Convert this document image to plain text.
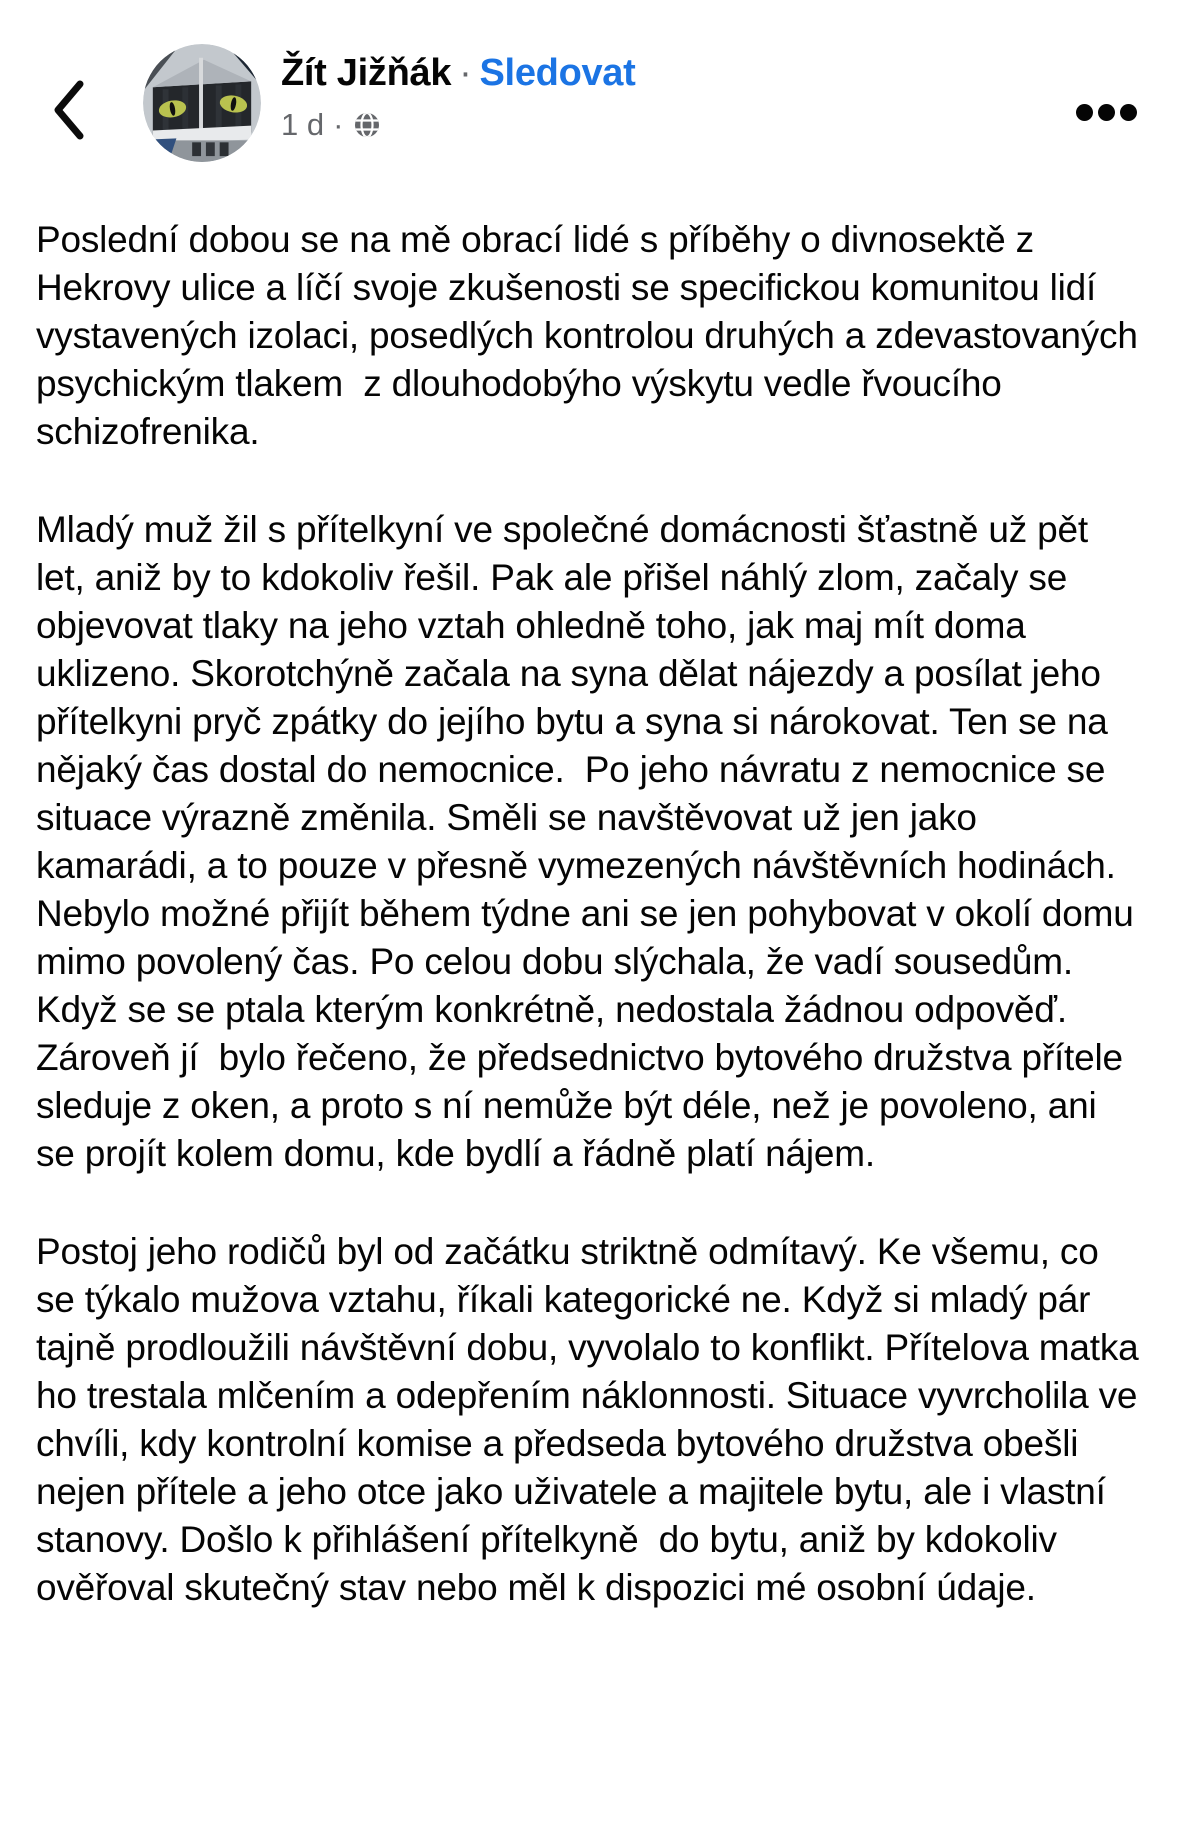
Žít Jižňák · Sledovat
1 d ·

Poslední dobou se na mě obrací lidé s příběhy o divnosektě z Hekrovy ulice a líčí svoje zkušenosti se specifickou komunitou lidí vystavených izolaci, posedlých kontrolou druhých a zdevastovaných  psychickým tlakem  z dlouhodobýho výskytu vedle řvoucího schizofrenika.

Mladý muž žil s přítelkyní ve společné domácnosti šťastně už pět let, aniž by to kdokoliv řešil. Pak ale přišel náhlý zlom, začaly se objevovat tlaky na jeho vztah ohledně toho, jak maj mít doma uklizeno. Skorotchýně začala na syna dělat nájezdy a posílat jeho přítelkyni pryč zpátky do jejího bytu a syna si nárokovat. Ten se na nějaký čas dostal do nemocnice.  Po jeho návratu z nemocnice se situace výrazně změnila. Směli se navštěvovat už jen jako kamarádi, a to pouze v přesně vymezených návštěvních hodinách. Nebylo možné přijít během týdne ani se jen pohybovat v okolí domu mimo povolený čas. Po celou dobu slýchala, že vadí sousedům. Když se se ptala kterým konkrétně, nedostala žádnou odpověď. Zároveň jí  bylo řečeno, že předsednictvo bytového družstva přítele sleduje z oken, a proto s ní nemůže být déle, než je povoleno, ani se projít kolem domu, kde bydlí a řádně platí nájem.

Postoj jeho rodičů byl od začátku striktně odmítavý. Ke všemu, co se týkalo mužova vztahu, říkali kategorické ne. Když si mladý pár  tajně prodloužili návštěvní dobu, vyvolalo to konflikt. Přítelova matka ho trestala mlčením a odepřením náklonnosti. Situace vyvrcholila ve chvíli, kdy kontrolní komise a předseda bytového družstva obešli nejen přítele a jeho otce jako uživatele a majitele bytu, ale i vlastní stanovy. Došlo k přihlášení přítelkyně  do bytu, aniž by kdokoliv ověřoval skutečný stav nebo měl k dispozici mé osobní údaje.
